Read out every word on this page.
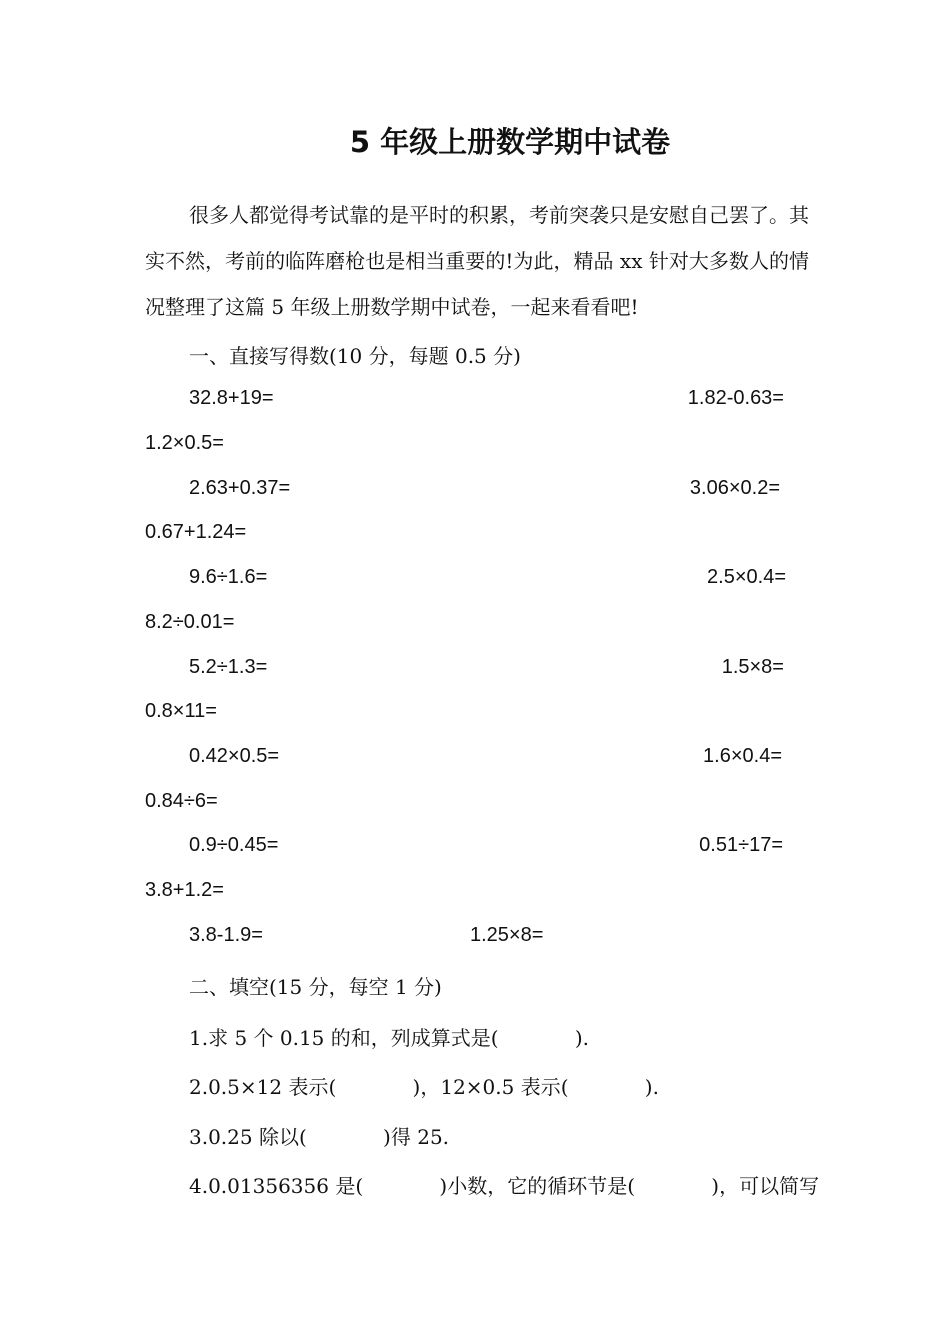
5 年级上册数学期中试卷
很多人都觉得考试靠的是平时的积累，考前突袭只是安慰自己罢了。其实不然，考前的临阵磨枪也是相当重要的!为此，精品 xx 针对大多数人的情况整理了这篇 5 年级上册数学期中试卷，一起来看看吧!
一、直接写得数(10 分，每题 0.5 分)
32.8+19=	1.82-0.63=
1.2×0.5=
2.63+0.37=	3.06×0.2=
0.67+1.24=
9.6÷1.6=	2.5×0.4=
8.2÷0.01=
5.2÷1.3=	1.5×8=
0.8×11=
0.42×0.5=	1.6×0.4=
0.84÷6=
0.9÷0.45=	0.51÷17=
3.8+1.2=
3.8-1.9=	1.25×8=
二、填空(15 分，每空 1 分)
1.求 5 个 0.15 的和，列成算式是(            ).
2.0.5×12 表示(            )，12×0.5 表示(            ).
3.0.25 除以(            )得 25.
4.0.01356356 是(            )小数，它的循环节是(            )，可以简写
